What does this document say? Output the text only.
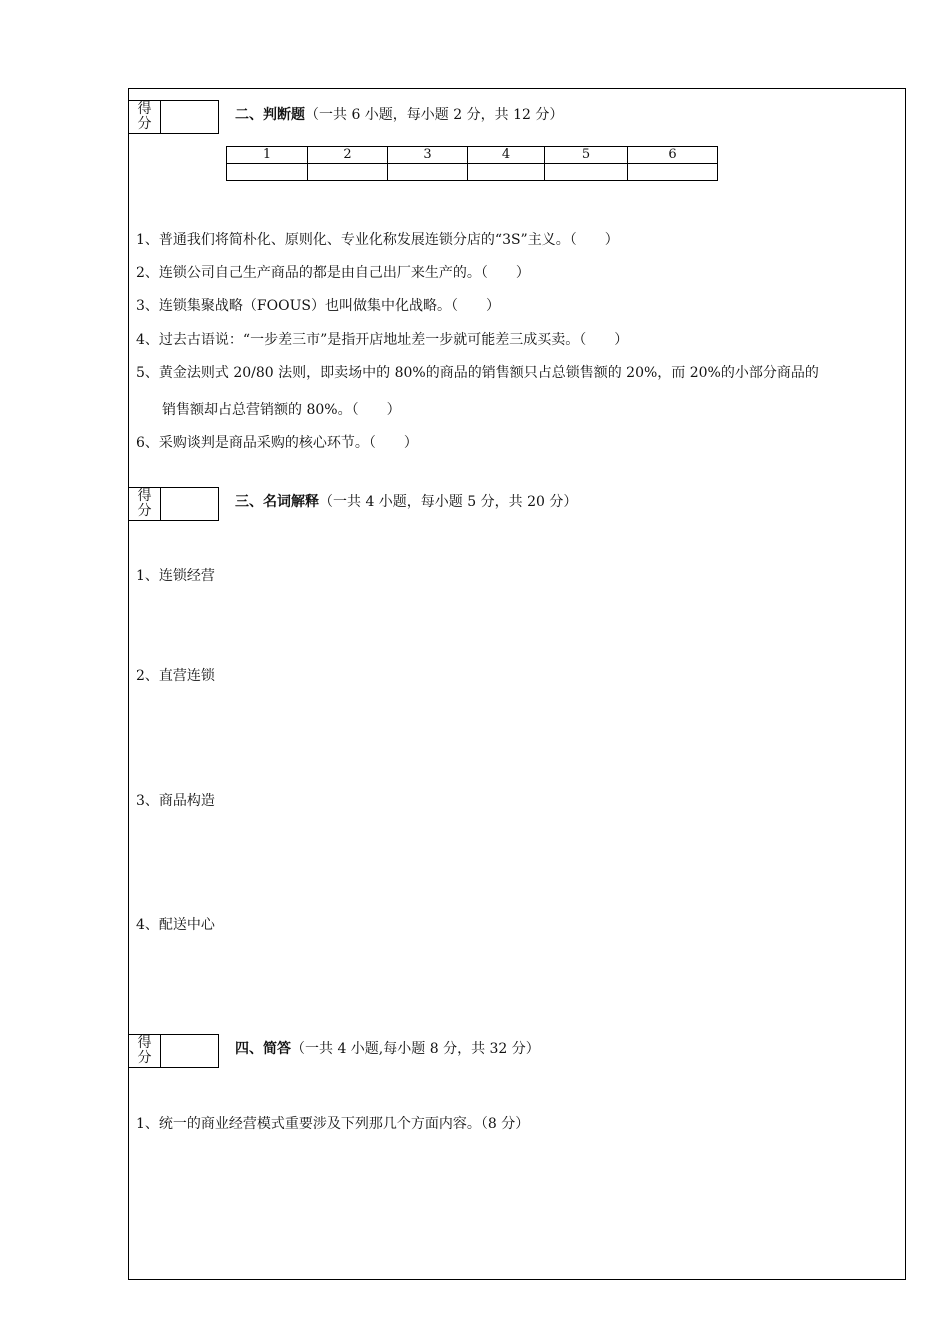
得
分
二、判断题（一共 6 小题，每小题 2 分，共 12 分）
1	2	3	4	5	6

1、普通我们将简朴化、原则化、专业化称发展连锁分店的“3S”主义。（　　）
2、连锁公司自己生产商品的都是由自己出厂来生产的。（　　）
3、连锁集聚战略（FOOUS）也叫做集中化战略。（　　）
4、过去古语说：“一步差三市”是指开店地址差一步就可能差三成买卖。（　　）
5、黄金法则式 20/80 法则，即卖场中的 80%的商品的销售额只占总锁售额的 20%，而 20%的小部分商品的
销售额却占总营销额的 80%。（　　）
6、采购谈判是商品采购的核心环节。（　　）
得
分
三、名词解释（一共 4 小题，每小题 5 分，共 20 分）
1、连锁经营
2、直营连锁
3、商品构造
4、配送中心
得
分
四、简答（一共 4 小题,每小题 8 分，共 32 分）
1、统一的商业经营模式重要涉及下列那几个方面内容。（8 分）
